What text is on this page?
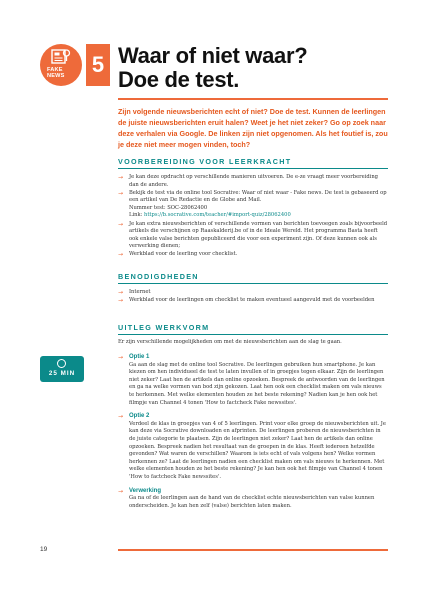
FAKE
NEWS 5 Waar of niet waar?
Doe de test.
Zijn volgende nieuwsberichten echt of niet? Doe de test. Kunnen de leerlingen de juiste nieuwsberichten eruit halen? Weet je het niet zeker? Go op zoek naar deze verhalen via Google. De linken zijn niet opgenomen. Als het foutief is, zou je deze niet meer mogen vinden, toch?
VOORBEREIDING VOOR LEERKRACHT
→ Je kan deze opdracht op verschillende manieren uitvoeren. De e-ze vraagt meer voorbereiding dan de andere.
→ Bekijk de test via de online tool Socrative: Waar of niet waar - Fake news. De test is gebaseerd op een artikel van De Redactie en de Globe and Mail.
Nummer test: SOC-28062400
Link: https://b.socrative.com/teacher/#import-quiz/28062400
→ Je kan extra nieuwsberichten of verschillende vormen van berichten toevoegen zoals bijvoorbeeld artikels die verschijnen op Raaskalderij.be of in de Ideale Wereld. Het programma Basta heeft ook enkele valse berichten gepubliceerd die voor een experiment zijn. Of deze kunnen ook als verwerking dienen;
→ Werkblad voor de leerling voor checklist.
BENODIGDHEDEN
→ Internet
→ Werkblad voor de leerlingen om checklist te maken eventueel aangevuld met de voorbeelden
UITLEG WERKVORM
Er zijn verschillende mogelijkheden om met de nieuwsberichten aan de slag te gaan.
25 MIN
→ Optie 1
Ga aan de slag met de online tool Socrative. De leerlingen gebruiken hun smartphone. Je kan kiezen om hen individueel de test te laten invullen of in groepjes tegen elkaar. Zijn de leerlingen niet zeker? Laat hen de artikels dan online opzoeken. Bespreek de antwoorden van de leerlingen en ga na welke vormen van bod zijn gekozen. Laat hen ook een checklist maken om vals nieuws te herkennen. Met welke elementen houden ze het beste rekening? Nadien kan je hen ook het filmpje van Channel 4 tonen 'How to factcheck Fake newssites'.
→ Optie 2
Verdeel de klas in groepjes van 4 of 5 leerlingen. Print voor elke groep de nieuwsberichten uit. Je kan deze via Socrative downloaden en afprinten. De leerlingen proberen de nieuwsberichten in de juiste categorie te plaatsen. Zijn de leerlingen niet zeker? Laat hen de artikels dan online opzoeken. Bespreek nadien het resultaat van de groepen in de klas. Heeft iedereen hetzelfde gevonden? Wat waren de verschillen? Waarom is iets echt of vals volgens hen? Welke vormen herkennen ze? Laat de leerlingen nadien een checklist maken om vals nieuws te herkennen. Met welke elementen houden ze het beste rekening? Je kan hen ook het filmpje van Channel 4 tonen 'How to factcheck Fake newssites'.
→ Verwerking
Ga na of de leerlingen aan de hand van de checklist echte nieuwsberichten van valse kunnen onderscheiden. Je kan hen zelf (valse) berichten laten maken.
19
